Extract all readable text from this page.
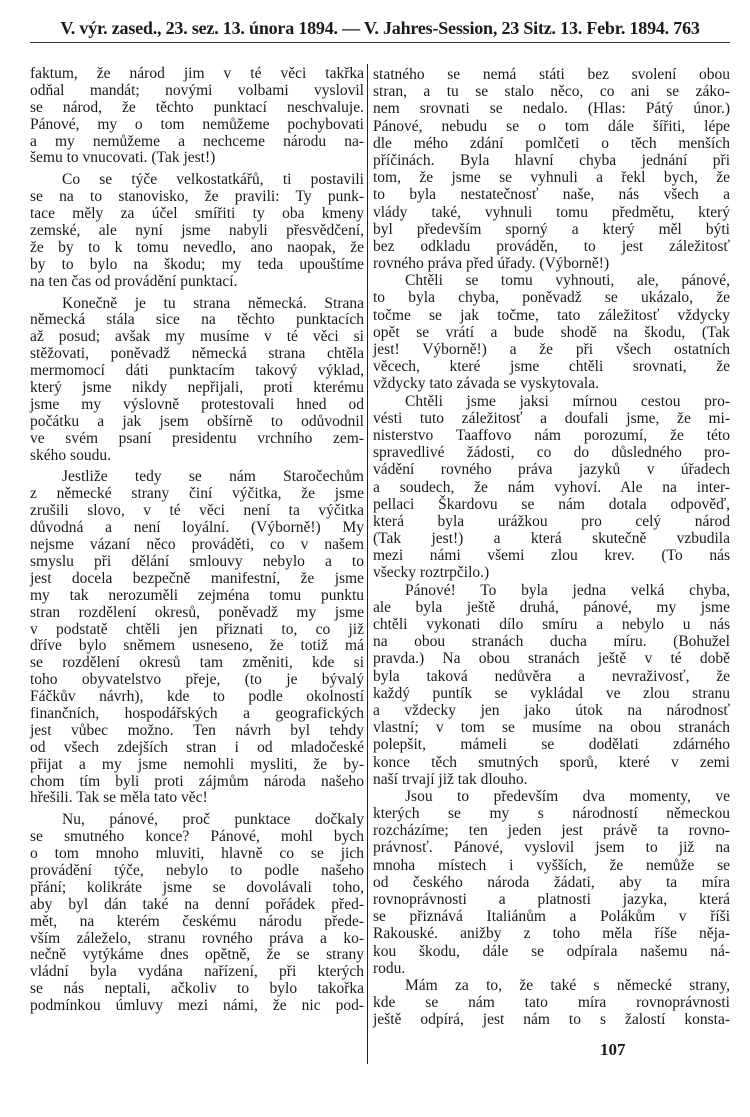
V. výr. zased., 23. sez. 13. února 1894. — V. Jahres-Session, 23 Sitz. 13. Febr. 1894. 763
faktum, že národ jim v té věci takřka
odňal mandát; novými volbami vyslovil
se národ, že těchto punktací neschvaluje.
Pánové, my o tom nemůžeme pochybovati
a my nemůžeme a nechceme národu na-
šemu to vnucovati. (Tak jest!)
Co se týče velkostatkářů, ti postavili
se na to stanovisko, že pravili: Ty punk-
tace měly za účel smířiti ty oba kmeny
zemské, ale nyní jsme nabyli přesvědčení,
že by to k tomu nevedlo, ano naopak, že
by to bylo na škodu; my teda upouštíme
na ten čas od provádění punktací.
Konečně je tu strana německá. Strana
německá stála sice na těchto punktacích
až posud; avšak my musíme v té věci si
stěžovati, poněvadž německá strana chtěla
mermomocí dáti punktacím takový výklad,
který jsme nikdy nepřijali, proti kterému
jsme my výslovně protestovali hned od
počátku a jak jsem obšírně to odůvodnil
ve svém psaní presidentu vrchního zem-
ského soudu.
Jestliže tedy se nám Staročechům
z německé strany činí výčitka, že jsme
zrušili slovo, v té věci není ta výčitka
důvodná a není loyální. (Výborně!) My
nejsme vázaní něco prováděti, co v našem
smyslu při dělání smlouvy nebylo a to
jest docela bezpečně manifestní, že jsme
my tak nerozuměli zejména tomu punktu
stran rozdělení okresů, poněvadž my jsme
v podstatě chtěli jen přiznati to, co již
dříve bylo sněmem usneseno, že totiž má
se rozdělení okresů tam změniti, kde si
toho obyvatelstvo přeje, (to je bývalý
Fáčkův návrh), kde to podle okolností
finančních, hospodářských a geografických
jest vůbec možno. Ten návrh byl tehdy
od všech zdejších stran i od mladočeské
přijat a my jsme nemohli mysliti, že by-
chom tím byli proti zájmům národa našeho
hřešili. Tak se měla tato věc!
Nu, pánové, proč punktace dočkaly
se smutného konce? Pánové, mohl bych
o tom mnoho mluviti, hlavně co se jich
provádění týče, nebylo to podle našeho
přání; kolikráte jsme se dovolávali toho,
aby byl dán také na denní pořádek před-
mět, na kterém českému národu přede-
vším záleželo, stranu rovného práva a ko-
nečně vytýkáme dnes opětně, že se strany
vládní byla vydána nařízení, při kterých
se nás neptali, ačkoliv to bylo takořka
podmínkou úmluvy mezi námi, že nic pod-
statného se nemá státi bez svolení obou
stran, a tu se stalo něco, co ani se záko-
nem srovnati se nedalo. (Hlas: Pátý únor.)
Pánové, nebudu se o tom dále šířiti, lépe
dle mého zdání pomlčeti o těch menších
příčinách. Byla hlavní chyba jednání při
tom, že jsme se vyhnuli a řekl bych, že
to byla nestatečnosť naše, nás všech a
vlády také, vyhnuli tomu předmětu, který
byl především sporný a který měl býti
bez odkladu prováděn, to jest záležitosť
rovného práva před úřady. (Výborně!)
Chtěli se tomu vyhnouti, ale, pánové,
to byla chyba, poněvadž se ukázalo, že
točme se jak točme, tato záležitosť vždycky
opět se vrátí a bude shodě na škodu, (Tak
jest! Výborně!) a že při všech ostatních
věcech, které jsme chtěli srovnati, že
vždycky tato závada se vyskytovala.
Chtěli jsme jaksi mírnou cestou pro-
vésti tuto záležitosť a doufali jsme, že mi-
nisterstvo Taaffovo nám porozumí, že této
spravedlivé žádosti, co do důsledného pro-
vádění rovného práva jazyků v úřadech
a soudech, že nám vyhoví. Ale na inter-
pellaci Škardovu se nám dotala odpověď,
která byla urážkou pro celý národ
(Tak jest!) a která skutečně vzbudila
mezi námi všemi zlou krev. (To nás
všecky roztrpčilo.)
Pánové! To byla jedna velká chyba,
ale byla ještě druhá, pánové, my jsme
chtěli vykonati dílo smíru a nebylo u nás
na obou stranách ducha míru. (Bohužel
pravda.) Na obou stranách ještě v té době
byla taková nedůvěra a nevraživosť, že
každý puntík se vykládal ve zlou stranu
a vždecky jen jako útok na národnosť
vlastní; v tom se musíme na obou stranách
polepšit, mámeli se dodělati zdárného
konce těch smutných sporů, které v zemi
naší trvají již tak dlouho.
Jsou to především dva momenty, ve
kterých se my s národností německou
rozcházíme; ten jeden jest právě ta rovno-
právnosť. Pánové, vyslovil jsem to již na
mnoha místech i vyšších, že nemůže se
od českého národa žádati, aby ta míra
rovnoprávnosti a platnosti jazyka, která
se přiznává Italiánům a Polákům v říši
Rakouské. anižby z toho měla říše něja-
kou škodu, dále se odpírala našemu ná-
rodu.
Mám za to, že také s německé strany,
kde se nám tato míra rovnoprávnosti
ještě odpírá, jest nám to s žalostí konsta-
107
